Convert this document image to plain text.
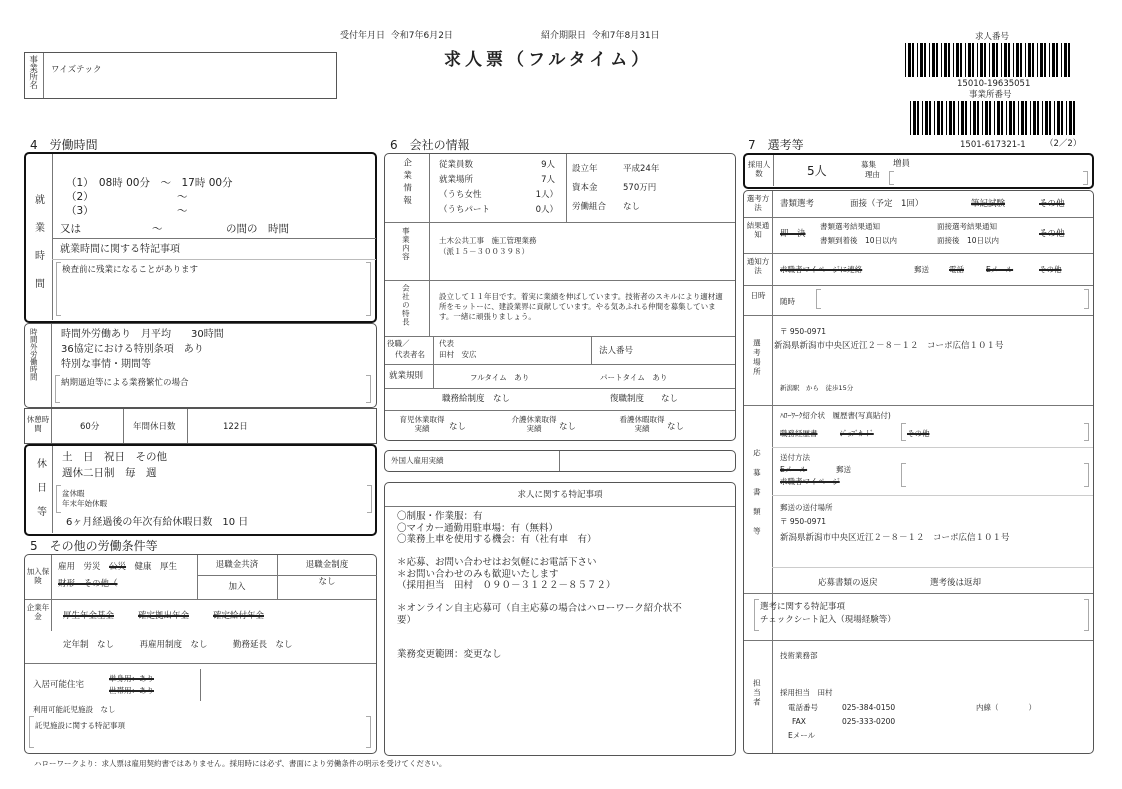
受付年月日 令和7年6月2日	紹介期限日 令和7年8月31日
求人票（フルタイム）
事業所名 ワイズテック
求人番号
15010-19635051
事業所番号
1501-617321-1 （2／2）
4　労働時間
就業時間
（1）　08時 00分　～　17時 00分
（2）	～
（3）	～
又は	～	の間の　時間
就業時間に関する特記事項
検査前に残業になることがあります
時間外労働時間 時間外労働あり　月平均　　30時間
36協定における特別条項　あり
特別な事情・期間等
納期逼迫等による業務繁忙の場合
休憩時間	60分	年間休日数	122日
休日等
土　日　祝日　その他
週休二日制　毎　週
盆休暇
年末年始休暇
6ヶ月経過後の年次有給休暇日数　10 日
5　その他の労働条件等
加入保険
雇用　労災　公災　健康　厚生
財形　その他（
退職金共済
加入
退職金制度
なし
企業年金	厚生年金基金	確定拠出年金	確定給付年金
定年制　なし　　　再雇用制度　なし　　　勤務延長　なし
入居可能住宅
単身用：あり
世帯用：あり
利用可能託児施設　なし
託児施設に関する特記事項
6　会社の情報
企業情報	従業員数	9人
就業場所	7人
（うち女性	1人）
（うちパート	0人）
設立年	平成24年
資本金	570万円
労働組合 なし
事業内容	土木公共工事　施工管理業務
（派１５－３００３９８）
会社の特長	設立して１１年目です。着実に業績を伸ばしています。技術者のスキルにより適材適所をモットーに、建設業界に貢献しています。やる気あふれる仲間を募集しています。一緒に頑張りましょう。
役職／
代表者名
代表
田村　安広	法人番号
就業規則	フルタイム　あり	パートタイム　あり
職務給制度　なし	復職制度　　なし
育児休業取得実績	なし
介護休業取得実績	なし
看護休暇取得実績	なし
外国人雇用実績
求人に関する特記事項
〇制服・作業服：有
〇マイカー通勤用駐車場：有（無料）
〇業務上車を使用する機会：有（社有車　有）
＊応募、お問い合わせはお気軽にお電話下さい
＊お問い合わせのみも歓迎いたします
（採用担当　田村　０９０－３１２２－８５７２）
＊オンライン自主応募可（自主応募の場合はハローワーク紹介状不
要）
業務変更範囲：変更なし
7　選考等
採用人数	5人	募集
理由
増員
選考方法	書類選考	面接（予定　1回）	筆記試験	その他
結果通知	即　決
書類選考結果通知
書類到着後　10日以内
面接選考結果通知
面接後　10日以内
その他
通知方法	求職者マイページに連絡	郵送	電話	Eメール	その他
日時
随時
選考場所
〒 950-0971
新潟県新潟市中央区近江２－８－１２　コーポ広信１０１号
新潟駅　から　徒歩15分
応募書類等
ﾊﾛｰﾜｰｸ紹介状　履歴書(写真貼付)
職務経歴書	ｼﾞｮﾌﾞｶｰﾄﾞ	その他
送付方法
Eメール	郵送
求職者マイページ
郵送の送付場所
〒 950-0971
新潟県新潟市中央区近江２－８－１２　コーポ広信１０１号
応募書類の返戻	選考後は返却
選考に関する特記事項
チェックシート記入（現場経験等）
担当者
技術業務部
採用担当　田村
電話番号	025-384-0150	内線（　　　　）
FAX	025-333-0200
Eメール
ハローワークより：求人票は雇用契約書ではありません。採用時には必ず、書面により労働条件の明示を受けてください。
